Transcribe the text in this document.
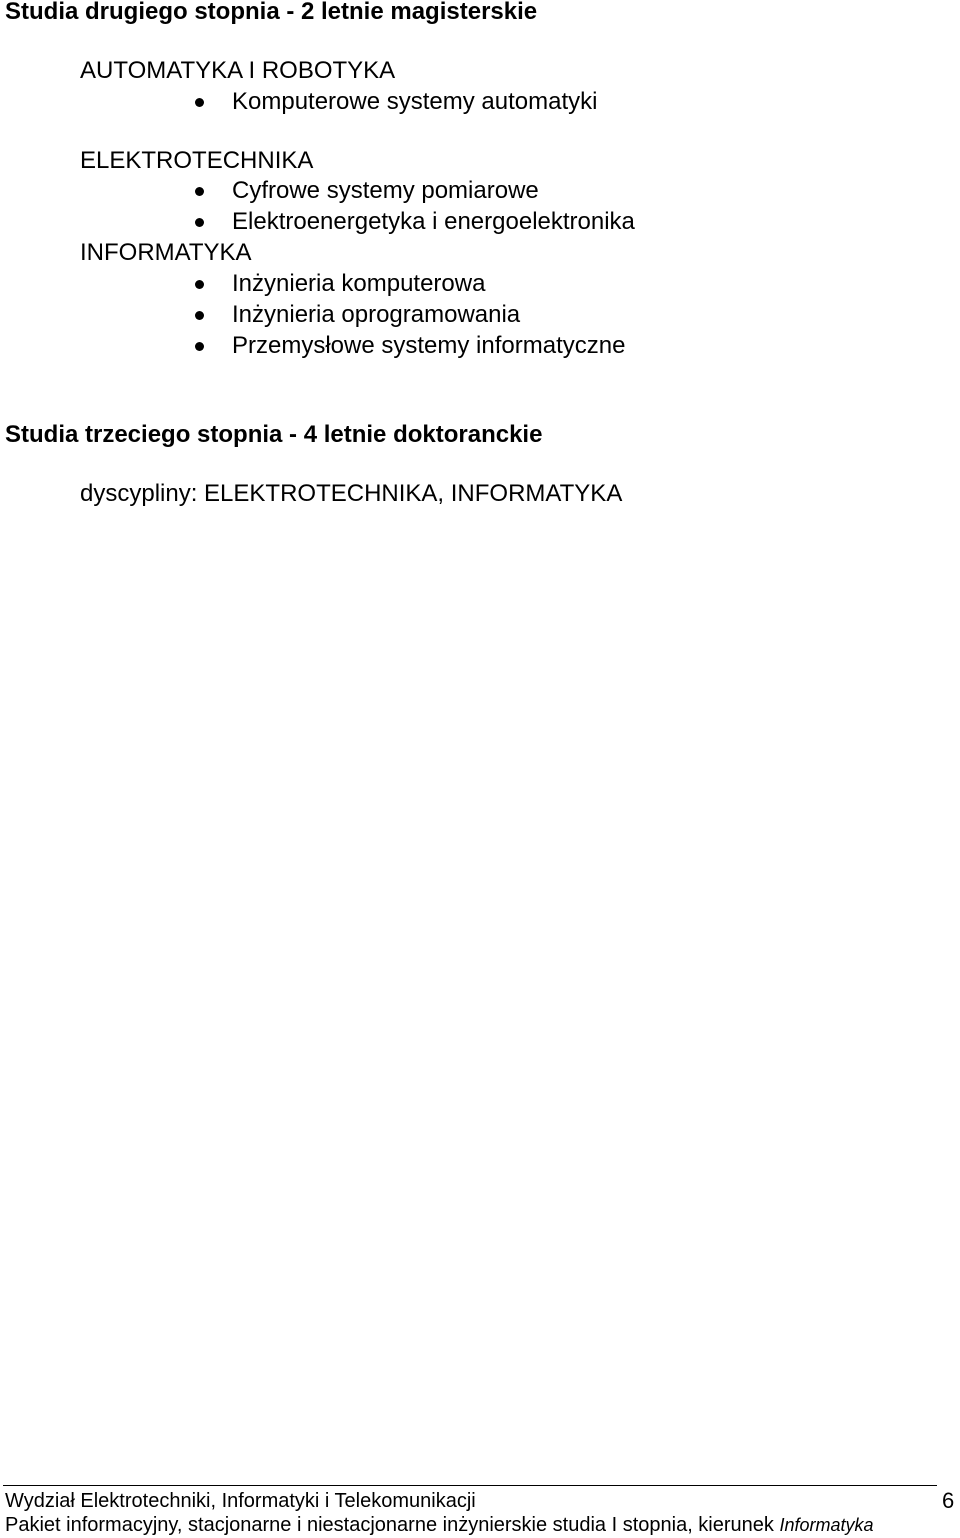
Studia drugiego stopnia - 2 letnie magisterskie
AUTOMATYKA I ROBOTYKA
Komputerowe systemy automatyki
ELEKTROTECHNIKA
Cyfrowe systemy pomiarowe
Elektroenergetyka i energoelektronika
INFORMATYKA
Inżynieria komputerowa
Inżynieria oprogramowania
Przemysłowe systemy informatyczne
Studia trzeciego stopnia - 4 letnie doktoranckie
dyscypliny: ELEKTROTECHNIKA, INFORMATYKA
Wydział Elektrotechniki, Informatyki i Telekomunikacji	6
Pakiet informacyjny, stacjonarne i niestacjonarne inżynierskie studia I stopnia, kierunek Informatyka
